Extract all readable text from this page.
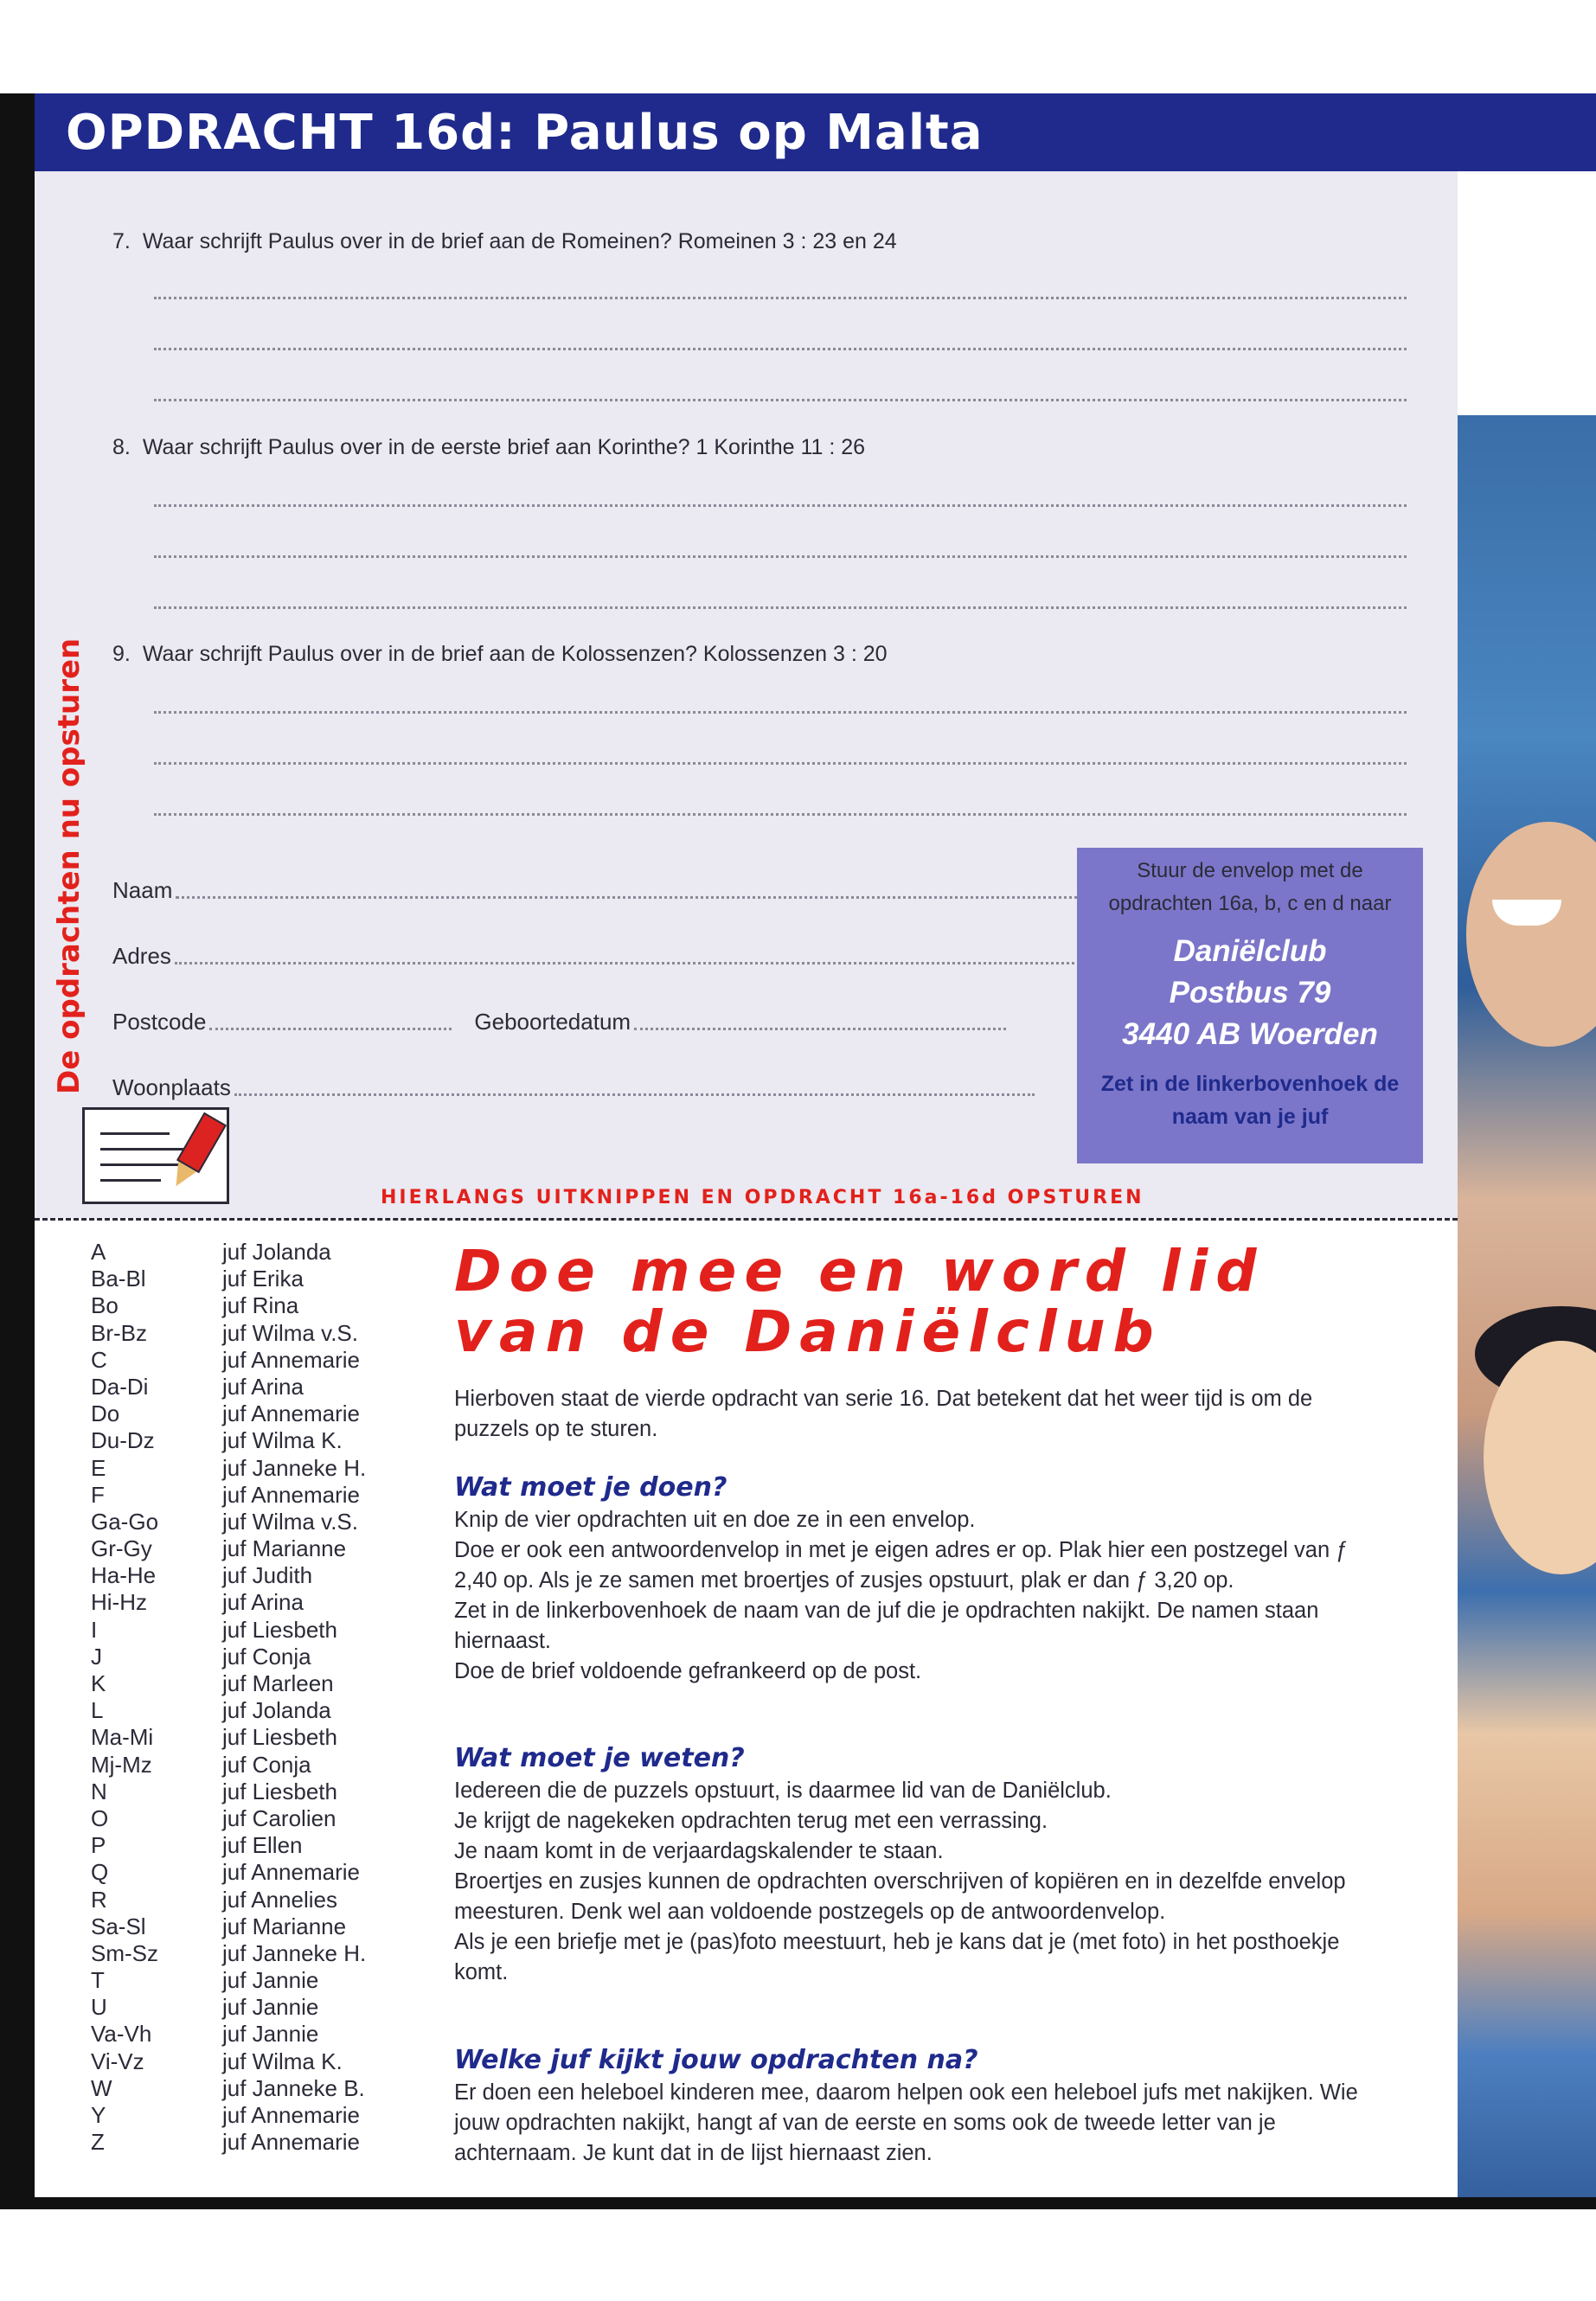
OPDRACHT 16d: Paulus op Malta
De opdrachten nu opsturen
7. Waar schrijft Paulus over in de brief aan de Romeinen? Romeinen 3 : 23 en 24
8. Waar schrijft Paulus over in de eerste brief aan Korinthe? 1 Korinthe 11 : 26
9. Waar schrijft Paulus over in de brief aan de Kolossenzen? Kolossenzen 3 : 20
Naam
Adres
Postcode	Geboortedatum
Woonplaats
Stuur de envelop met de
opdrachten 16a, b, c en d naar
Daniëlclub
Postbus 79
3440 AB Woerden
Zet in de linkerbovenhoek de
naam van je juf
HIERLANGS UITKNIPPEN EN OPDRACHT 16a-16d OPSTUREN
A	juf Jolanda
Ba-Bl	juf Erika
Bo	juf Rina
Br-Bz	juf Wilma v.S.
C	juf Annemarie
Da-Di	juf Arina
Do	juf Annemarie
Du-Dz	juf Wilma K.
E	juf Janneke H.
F	juf Annemarie
Ga-Go	juf Wilma v.S.
Gr-Gy	juf Marianne
Ha-He	juf Judith
Hi-Hz	juf Arina
I	juf Liesbeth
J	juf Conja
K	juf Marleen
L	juf Jolanda
Ma-Mi	juf Liesbeth
Mj-Mz	juf Conja
N	juf Liesbeth
O	juf Carolien
P	juf Ellen
Q	juf Annemarie
R	juf Annelies
Sa-Sl	juf Marianne
Sm-Sz	juf Janneke H.
T	juf Jannie
U	juf Jannie
Va-Vh	juf Jannie
Vi-Vz	juf Wilma K.
W	juf Janneke B.
Y	juf Annemarie
Z	juf Annemarie
Doe mee en word lid
van de Daniëlclub

Hierboven staat de vierde opdracht van serie 16. Dat betekent dat het weer tijd is om de puzzels op te sturen.

Wat moet je doen?

Knip de vier opdrachten uit en doe ze in een envelop.

Doe er ook een antwoordenvelop in met je eigen adres er op. Plak hier een postzegel van ƒ 2,40 op. Als je ze samen met broertjes of zusjes opstuurt, plak er dan ƒ 3,20 op.

Zet in de linkerbovenhoek de naam van de juf die je opdrachten nakijkt. De namen staan hiernaast.

Doe de brief voldoende gefrankeerd op de post.

Wat moet je weten?

Iedereen die de puzzels opstuurt, is daarmee lid van de Daniëlclub.

Je krijgt de nagekeken opdrachten terug met een verrassing.

Je naam komt in de verjaardagskalender te staan.

Broertjes en zusjes kunnen de opdrachten overschrijven of kopiëren en in dezelfde envelop meesturen. Denk wel aan voldoende postzegels op de antwoordenvelop.

Als je een briefje met je (pas)foto meestuurt, heb je kans dat je (met foto) in het posthoekje komt.

Welke juf kijkt jouw opdrachten na?

Er doen een heleboel kinderen mee, daarom helpen ook een heleboel jufs met nakijken. Wie jouw opdrachten nakijkt, hangt af van de eerste en soms ook de tweede letter van je achternaam. Je kunt dat in de lijst hiernaast zien.
